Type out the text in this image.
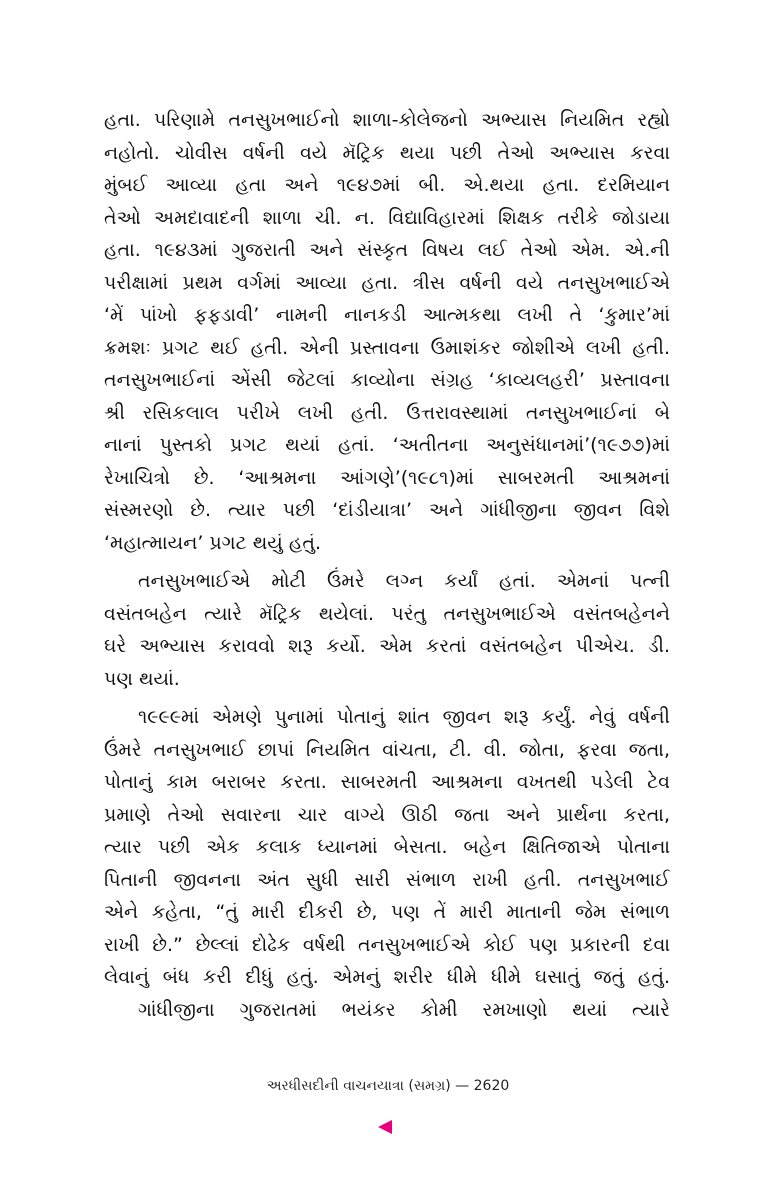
હતા. પરિણામે તનસુખભાઈનો શાળા-કોલેજનો અભ્યાસ નિયમિત રહ્યો
નહોતો. ચોવીસ વર્ષની વયે મૅટ્રિક થયા પછી તેઓ અભ્યાસ કરવા
મુંબઈ આવ્યા હતા અને ૧૯૪૭માં બી. એ.થયા હતા. દરમિયાન
તેઓ અમદાવાદની શાળા ચી. ન. વિદ્યાવિહારમાં શિક્ષક તરીકે જોડાયા
હતા. ૧૯૪૩માં ગુજરાતી અને સંસ્કૃત વિષય લઈ તેઓ એમ. એ.ની
પરીક્ષામાં પ્રથમ વર્ગમાં આવ્યા હતા. ત્રીસ વર્ષની વયે તનસુખભાઈએ
‘મેં પાંખો ફફડાવી’ નામની નાનકડી આત્મકથા લખી તે ‘કુમાર’માં
ક્રમશઃ પ્રગટ થઈ હતી. એની પ્રસ્તાવના ઉમાશંકર જોશીએ લખી હતી.
તનસુખભાઈનાં એંસી જેટલાં કાવ્યોના સંગ્રહ ‘કાવ્યલહરી’ પ્રસ્તાવના
શ્રી રસિકલાલ પરીખે લખી હતી. ઉત્તરાવસ્થામાં તનસુખભાઈનાં બે
નાનાં પુસ્તકો પ્રગટ થયાં હતાં. ‘અતીતના અનુસંધાનમાં’(૧૯૭૭)માં
રેખાચિત્રો છે. ‘આશ્રમના આંગણે’(૧૯૮૧)માં સાબરમતી આશ્રમનાં
સંસ્મરણો છે. ત્યાર પછી ‘દાંડીયાત્રા’ અને ગાંધીજીના જીવન વિશે
‘મહાત્માયન’ પ્રગટ થયું હતું.
તનસુખભાઈએ મોટી ઉંમરે લગ્ન કર્યાં હતાં. એમનાં પત્ની
વસંતબહેન ત્યારે મૅટ્રિક થયેલાં. પરંતુ તનસુખભાઈએ વસંતબહેનને
ઘરે અભ્યાસ કરાવવો શરૂ કર્યો. એમ કરતાં વસંતબહેન પીએચ. ડી.
પણ થયાં.
૧૯૯૯માં એમણે પુનામાં પોતાનું શાંત જીવન શરૂ કર્યું. નેવું વર્ષની
ઉંમરે તનસુખભાઈ છાપાં નિયમિત વાંચતા, ટી. વી. જોતા, ફરવા જતા,
પોતાનું કામ બરાબર કરતા. સાબરમતી આશ્રમના વખતથી પડેલી ટેવ
પ્રમાણે તેઓ સવારના ચાર વાગ્યે ઊઠી જતા અને પ્રાર્થના કરતા,
ત્યાર પછી એક કલાક ધ્યાનમાં બેસતા. બહેન ક્ષિતિજાએ પોતાના
પિતાની જીવનના અંત સુધી સારી સંભાળ રાખી હતી. તનસુખભાઈ
એને કહેતા, “તું મારી દીકરી છે, પણ તેં મારી માતાની જેમ સંભાળ
રાખી છે.” છેલ્લાં દોઢેક વર્ષથી તનસુખભાઈએ કોઈ પણ પ્રકારની દવા
લેવાનું બંધ કરી દીધું હતું. એમનું શરીર ધીમે ધીમે ઘસાતું જતું હતું.
ગાંધીજીના ગુજરાતમાં ભયંકર કોમી રમખાણો થયાં ત્યારે
અરધીસદીની વાચનયાત્રા (સમગ્ર) — 2620
